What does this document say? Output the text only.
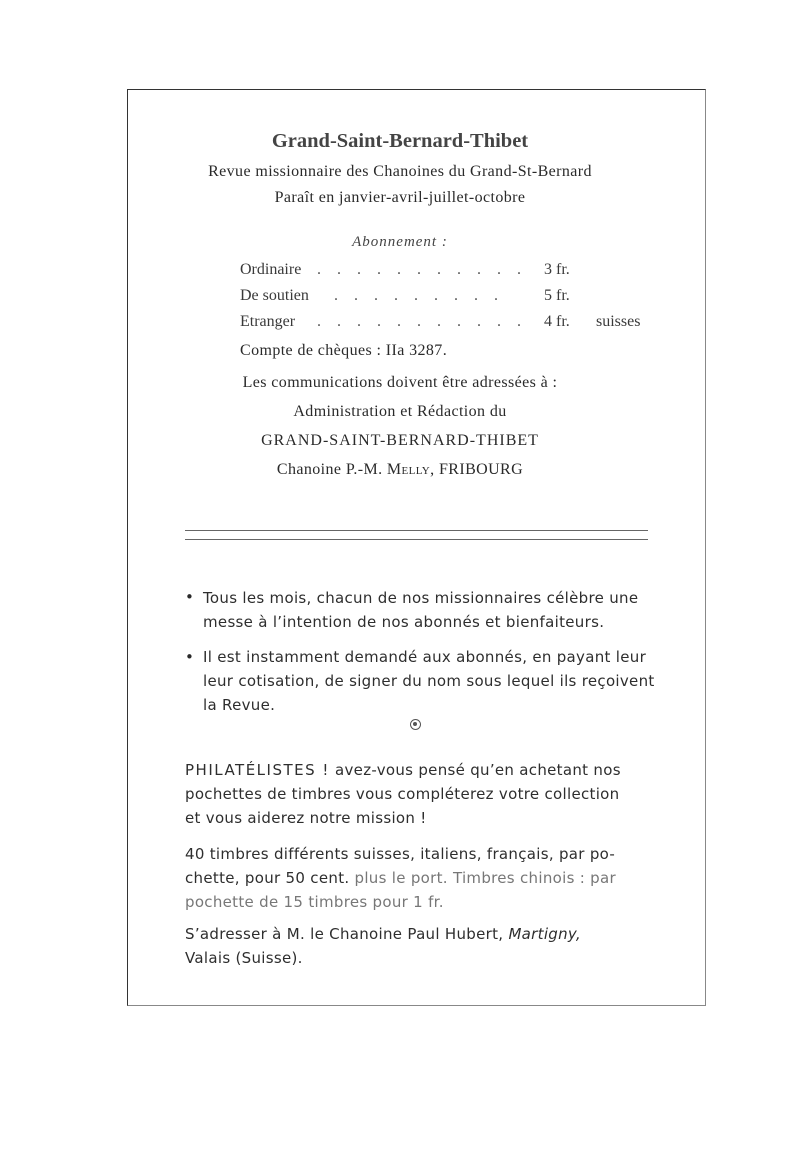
Grand-Saint-Bernard-Thibet
Revue missionnaire des Chanoines du Grand-St-Bernard
Paraît en janvier-avril-juillet-octobre
Abonnement :
Ordinaire . . . . . . . . . . . 3 fr.
De soutien . . . . . . . . .	5 fr.
Etranger . . . . . . . . . . . 4 fr. suisses
Compte de chèques : IIa 3287.
Les communications doivent être adressées à :
Administration et Rédaction du
GRAND-SAINT-BERNARD-THIBET
Chanoine P.-M. Melly, FRIBOURG
• Tous les mois, chacun de nos missionnaires célèbre une
messe à l’intention de nos abonnés et bienfaiteurs.
• Il est instamment demandé aux abonnés, en payant leur
leur cotisation, de signer du nom sous lequel ils reçoivent
la Revue.
PHILATÉLISTES ! avez-vous pensé qu’en achetant nos
pochettes de timbres vous compléterez votre collection
et vous aiderez notre mission !
40 timbres différents suisses, italiens, français, par po-
chette, pour 50 cent. plus le port. Timbres chinois : par
pochette de 15 timbres pour 1 fr.
S’adresser à M. le Chanoine Paul Hubert, Martigny,
Valais (Suisse).
